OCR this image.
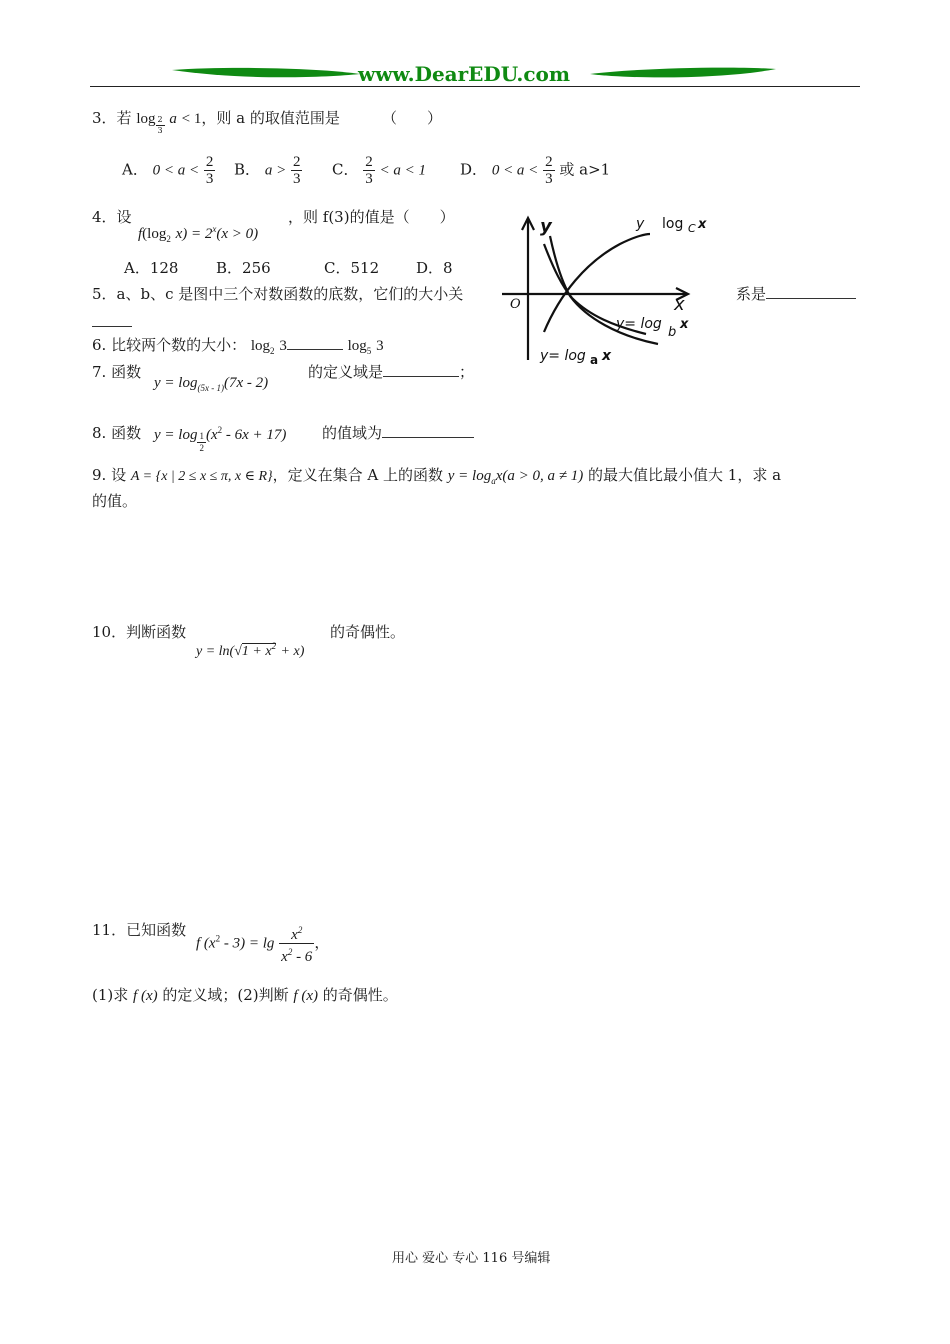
www.DearEDU.com
3．若 $\log \frac{2}{3}$ a < 1，则 a 的取值范围是	（　　）
A． $0 < a < \frac{2}{3}$ B． $a > \frac{2}{3}$ C． $\frac{2}{3} < a < 1$ D． $0 < a < \frac{2}{3}$ 或 a>1
4．设
$f(\log_2$ $x) = 2^x(x > 0)$
，则 f(3)的值是（　　）
A．128	B．256	C．512 D．8
y
x
O
y log C x
y= log
b
x
y= log a x
5．a、b、c 是图中三个对数函数的底数，它们的大小关	系是
6. 比较两个数的大小： $\log_2 3$	$\log_5 3$
7. 函数
$y = \log_{(5x - 1)}(7x - 2)$
的定义域是	；
8. 函数 $y = \log \frac{1}{2} (x^2 - 6x + 17)$ 的值域为
9. 设 A = {x | 2 ≤ x ≤ π, x ∈ R}，定义在集合 A 上的函数 $y = \log_ax(a > 0$, a ≠ 1) 的最大值比最小值大 1，求 a
的值。
10．判断函数
$y = \ln(√1 + x^2 + x)$
的奇偶性。
11．已知函数
f $(x^2 - 3) = \lg \frac{x^2}{x^2 - 6}$ ，
(1)求 f (x) 的定义域；(2)判断 f (x) 的奇偶性。
用心 爱心 专心 116 号编辑
